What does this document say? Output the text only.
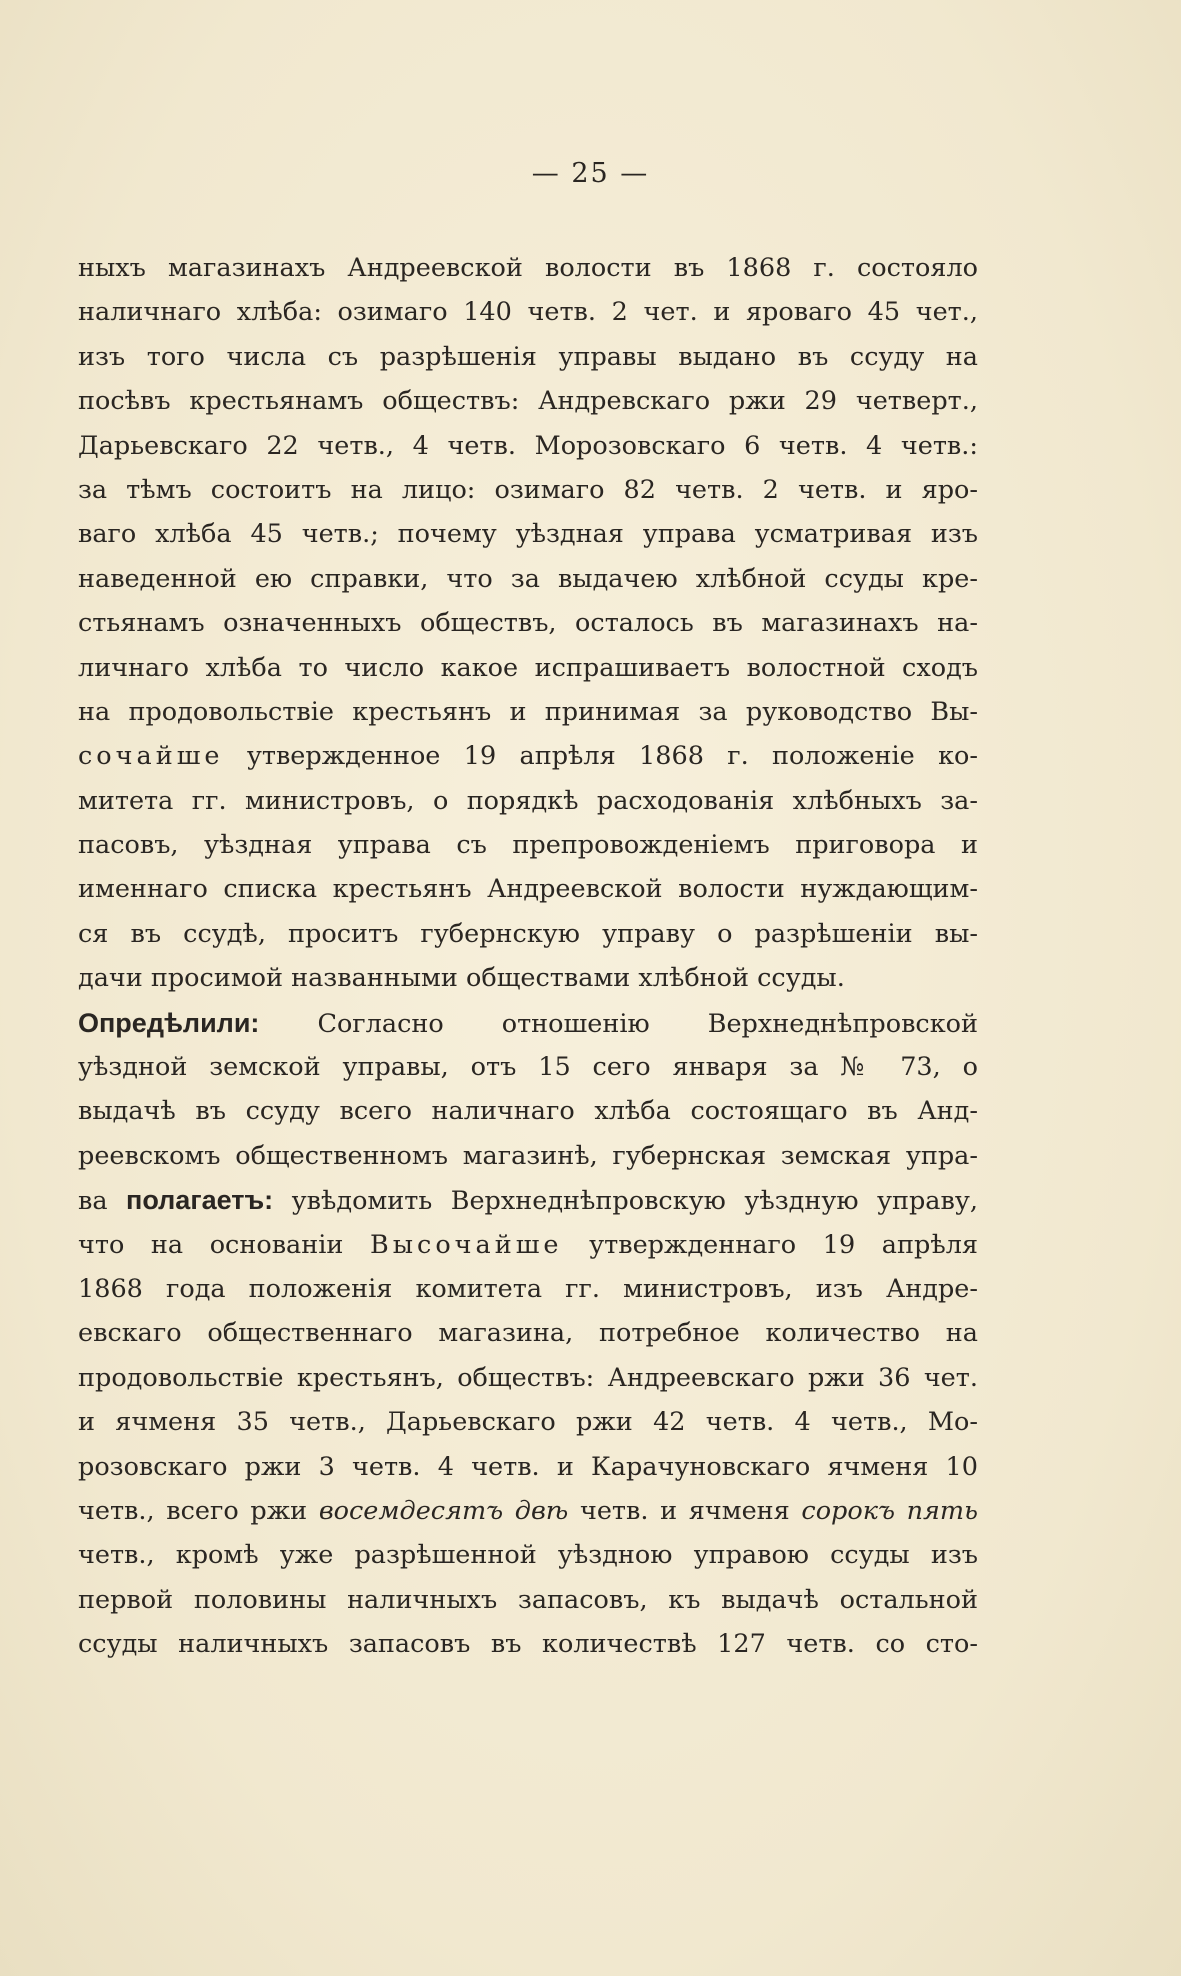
— 25 —
ныхъ магазинахъ Андреевской волости въ 1868 г. состояло
наличнаго хлѣба: озимаго 140 четв. 2 чет. и яроваго 45 чет.,
изъ того числа съ разрѣшенія управы выдано въ ссуду на
посѣвъ крестьянамъ обществъ: Андревскаго ржи 29 четверт.,
Дарьевскаго 22 четв., 4 четв. Морозовскаго 6 четв. 4 четв.:
за тѣмъ состоитъ на лицо: озимаго 82 четв. 2 четв. и яро-
ваго хлѣба 45 четв.; почему уѣздная управа усматривая изъ
наведенной ею справки, что за выдачею хлѣбной ссуды кре-
стьянамъ означенныхъ обществъ, осталось въ магазинахъ на-
личнаго хлѣба то число какое испрашиваетъ волостной сходъ
на продовольствіе крестьянъ и принимая за руководство Вы-
сочайше утвержденное 19 апрѣля 1868 г. положеніе ко-
митета гг. министровъ, о порядкѣ расходованія хлѣбныхъ за-
пасовъ, уѣздная управа съ препровожденіемъ приговора и
именнаго списка крестьянъ Андреевской волости нуждающим-
ся въ ссудѣ, проситъ губернскую управу о разрѣшеніи вы-
дачи просимой названными обществами хлѣбной ссуды.
Опредѣлили: Согласно отношенію Верхнеднѣпровской
уѣздной земской управы, отъ 15 сего января за № 73, о
выдачѣ въ ссуду всего наличнаго хлѣба состоящаго въ Анд-
реевскомъ общественномъ магазинѣ, губернская земская упра-
ва полагаетъ: увѣдомить Верхнеднѣпровскую уѣздную управу,
что на основаніи Высочайше утвержденнаго 19 апрѣля
1868 года положенія комитета гг. министровъ, изъ Андре-
евскаго общественнаго магазина, потребное количество на
продовольствіе крестьянъ, обществъ: Андреевскаго ржи 36 чет.
и ячменя 35 четв., Дарьевскаго ржи 42 четв. 4 четв., Мо-
розовскаго ржи 3 четв. 4 четв. и Карачуновскаго ячменя 10
четв., всего ржи восемдесятъ двѣ четв. и ячменя сорокъ пять
четв., кромѣ уже разрѣшенной уѣздною управою ссуды изъ
первой половины наличныхъ запасовъ, къ выдачѣ остальной
ссуды наличныхъ запасовъ въ количествѣ 127 четв. со сто-
